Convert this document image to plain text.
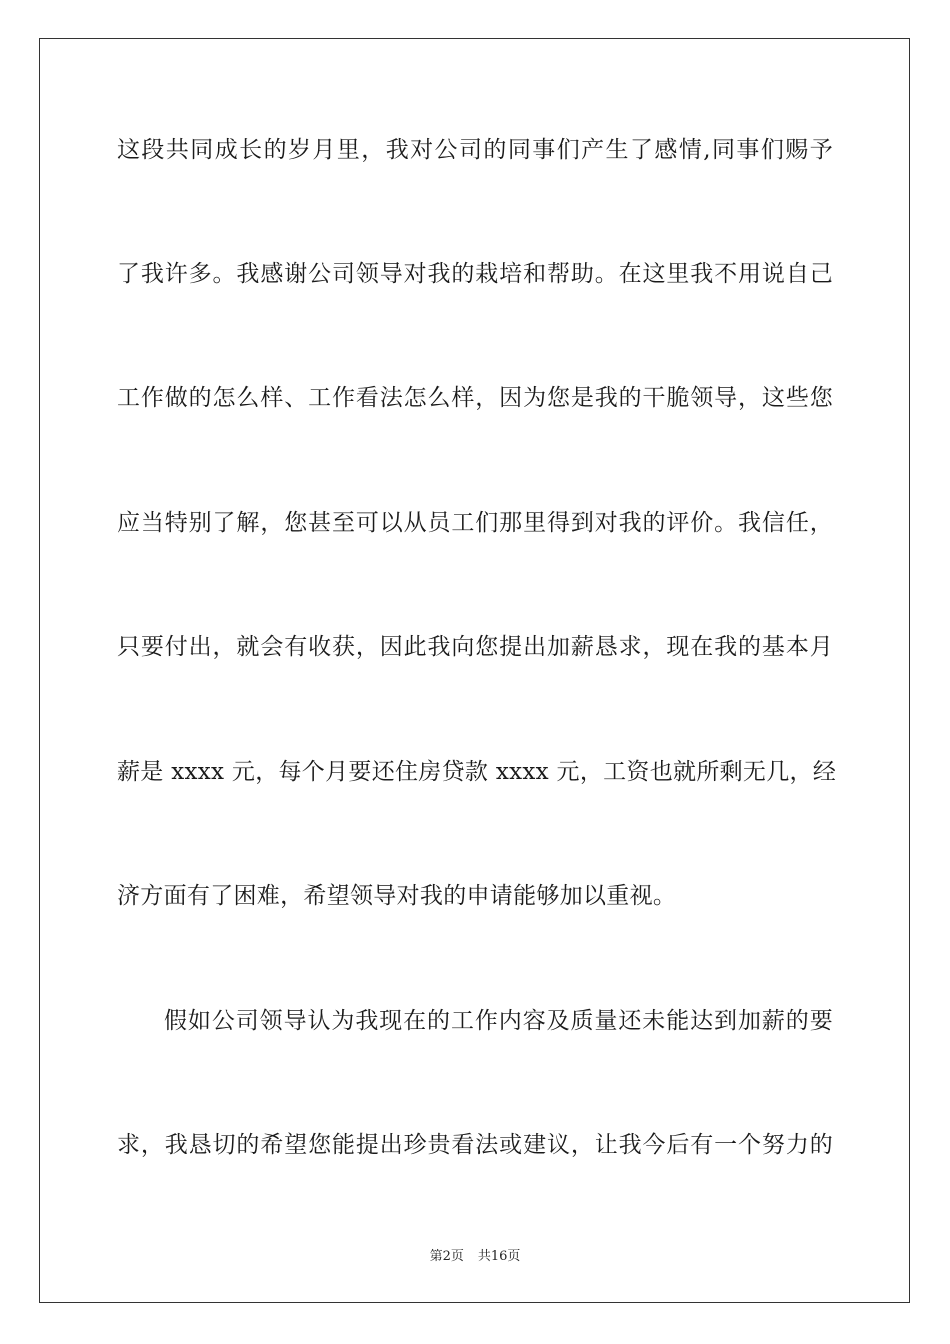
这段共同成长的岁月里，我对公司的同事们产生了感情,同事们赐予
了我许多。我感谢公司领导对我的栽培和帮助。在这里我不用说自己
工作做的怎么样、工作看法怎么样，因为您是我的干脆领导，这些您
应当特别了解，您甚至可以从员工们那里得到对我的评价。我信任，
只要付出，就会有收获，因此我向您提出加薪恳求，现在我的基本月
薪是 xxxx 元，每个月要还住房贷款 xxxx 元，工资也就所剩无几，经
济方面有了困难，希望领导对我的申请能够加以重视。
假如公司领导认为我现在的工作内容及质量还未能达到加薪的要
求，我恳切的希望您能提出珍贵看法或建议，让我今后有一个努力的
第2页 共16页
